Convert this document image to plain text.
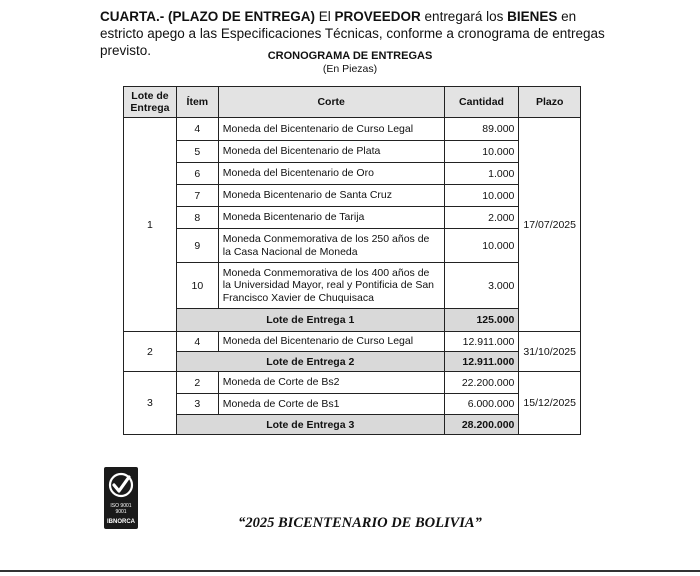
CUARTA.- (PLAZO DE ENTREGA) El PROVEEDOR entregará los BIENES en estricto apego a las Especificaciones Técnicas, conforme a cronograma de entregas previsto.	CRONOGRAMA DE ENTREGAS
(En Piezas)
Lote de Entrega	Ítem	Corte	Cantidad	Plazo
1	4	Moneda del Bicentenario de Curso Legal	89.000	17/07/2025
	5	Moneda del Bicentenario de Plata	10.000	
	6	Moneda del Bicentenario de Oro	1.000	
	7	Moneda Bicentenario de Santa Cruz	10.000	
	8	Moneda Bicentenario de Tarija	2.000	
	9	Moneda Conmemorativa de los 250 años de la Casa Nacional de Moneda	10.000	
	10	Moneda Conmemorativa de los 400 años de la Universidad Mayor, real y Pontificia de San Francisco Xavier de Chuquisaca	3.000	
	Lote de Entrega 1		125.000	
2	4	Moneda del Bicentenario de Curso Legal	12.911.000	31/10/2025
	Lote de Entrega 2		12.911.000	
3	2	Moneda de Corte de Bs2	22.200.000	15/12/2025
	3	Moneda de Corte de Bs1	6.000.000	
	Lote de Entrega 3		28.200.000	
ISO 9001
9001
IBNORCA	“2025 BICENTENARIO DE BOLIVIA”
